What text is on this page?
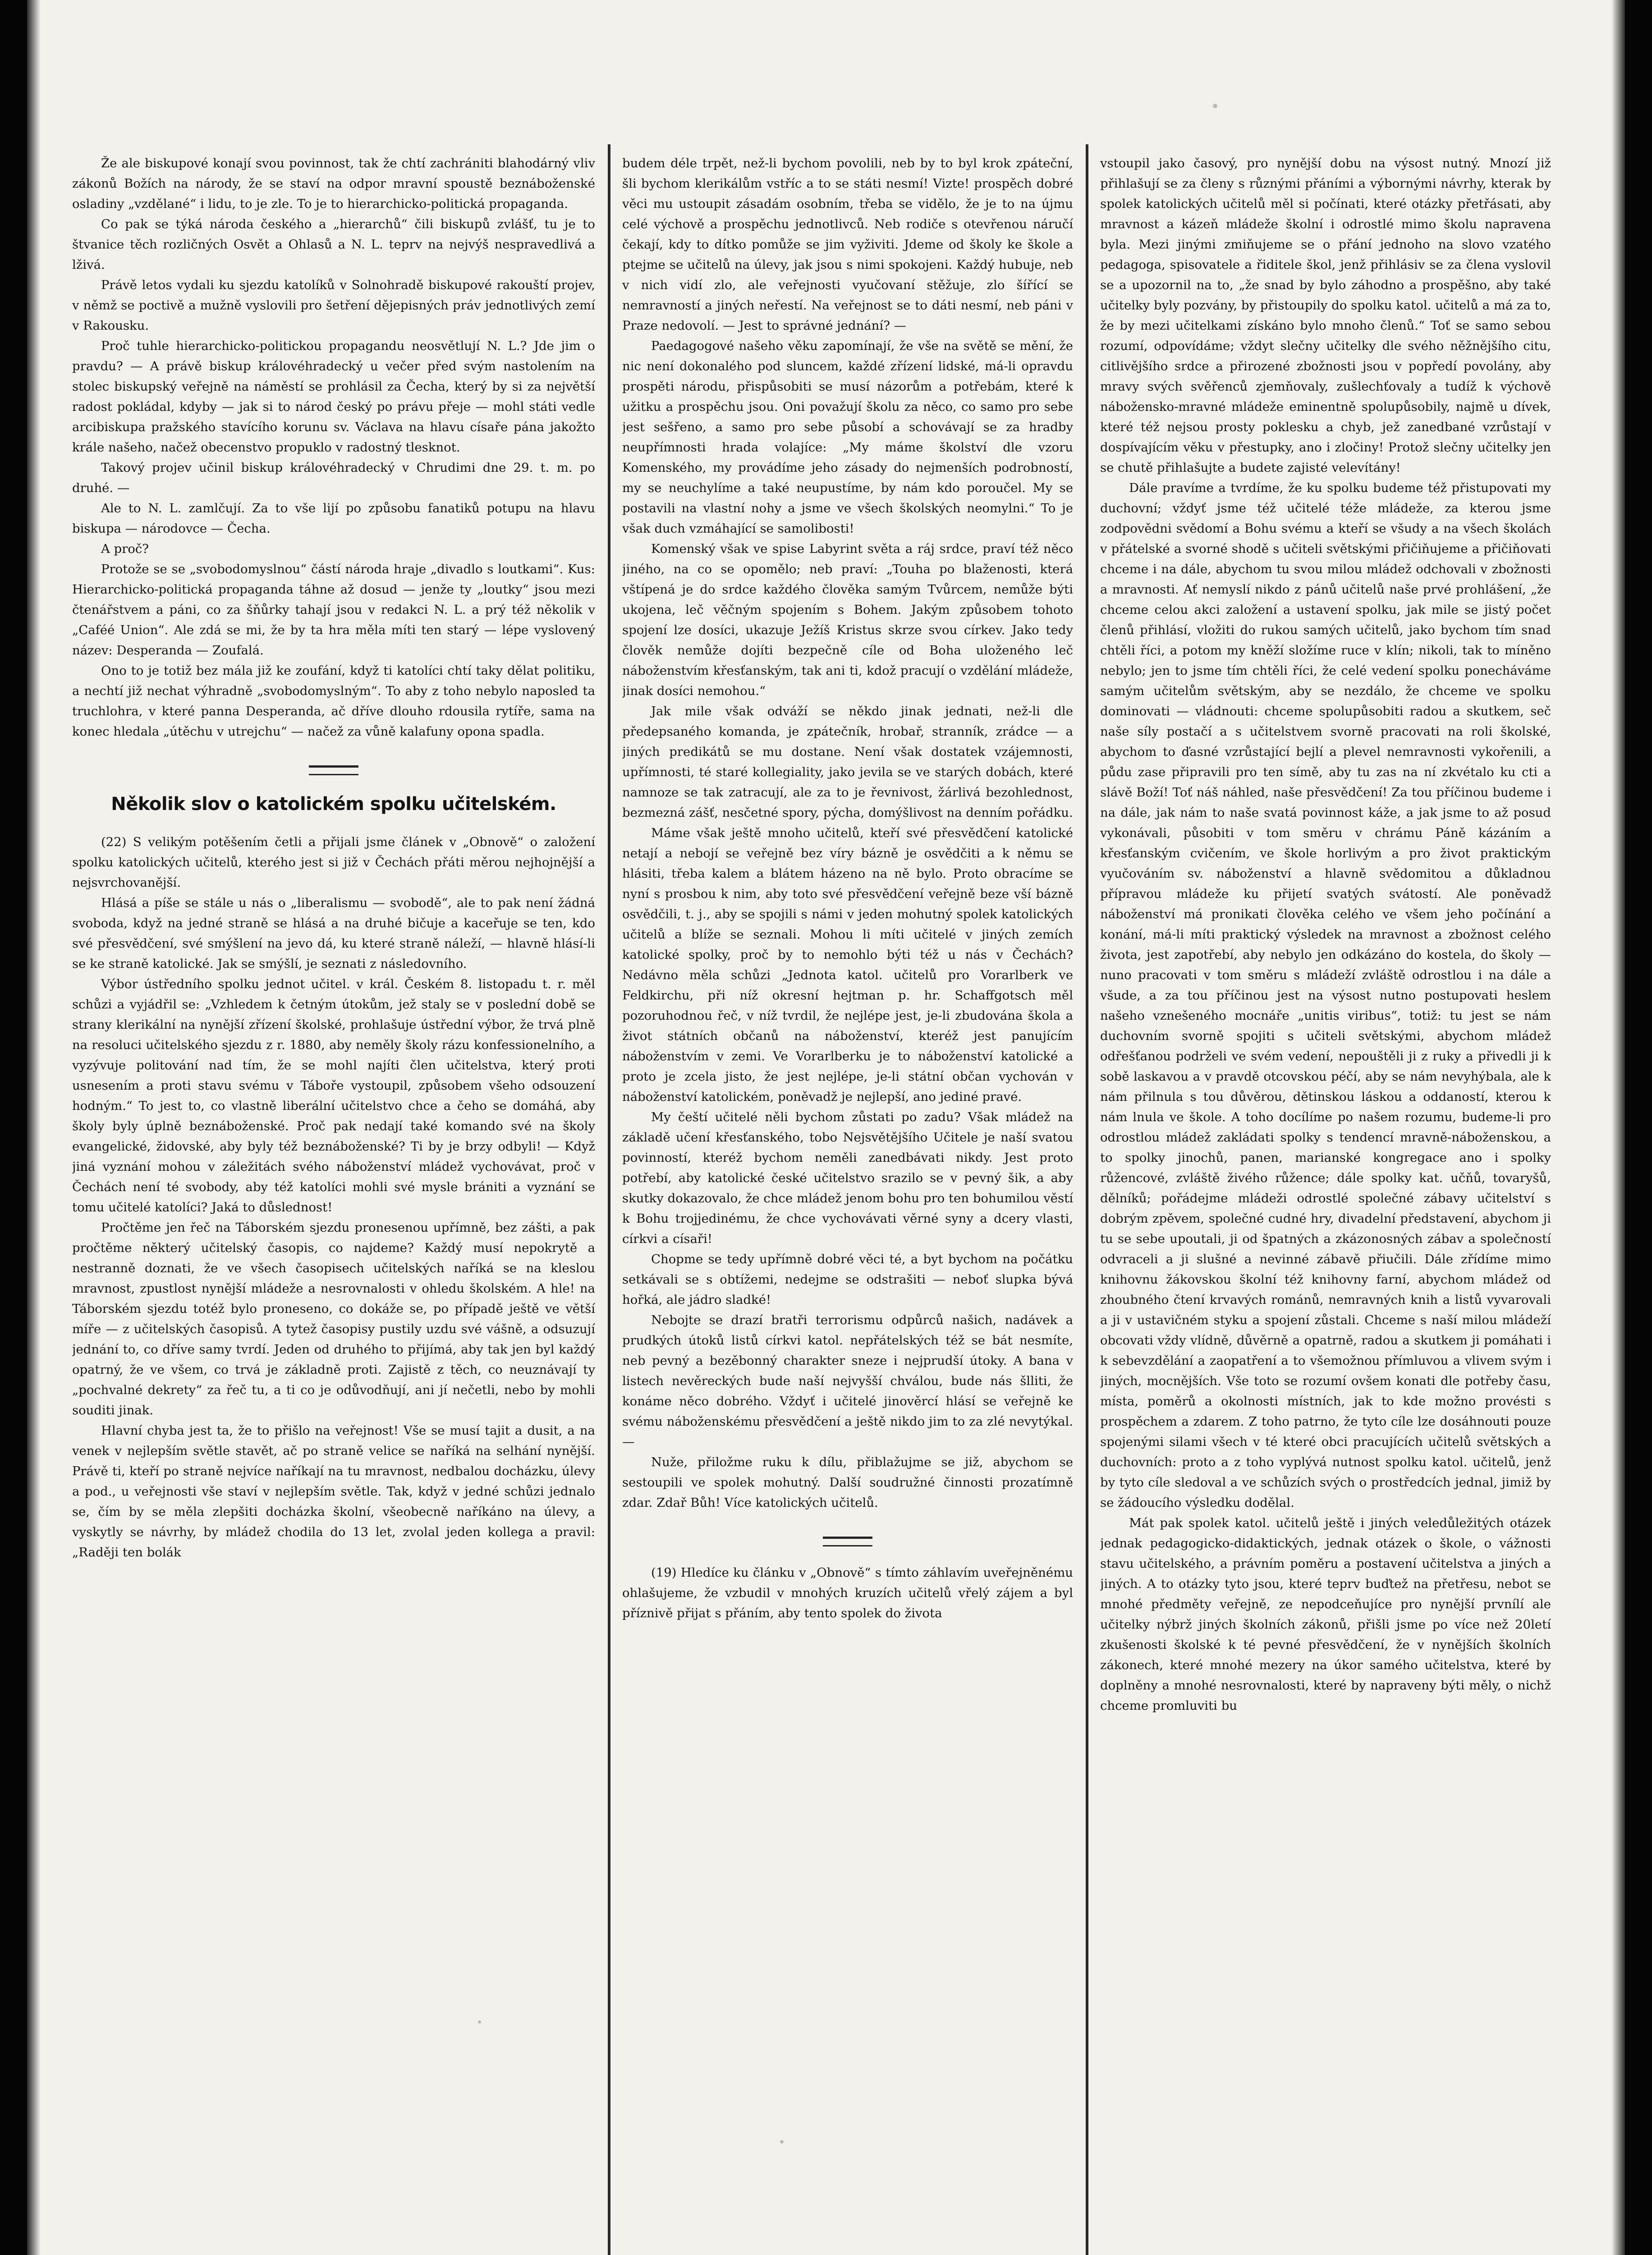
Že ale biskupové konají svou povinnost, tak že chtí zachrániti blahodárný vliv zákonů Božích na národy, že se staví na odpor mravní spoustě beznáboženské osladiny „vzdělané“ i lidu, to je zle. To je to hierarchicko-politická propaganda.

Co pak se týká národa českého a „hierarchů“ čili biskupů zvlášť, tu je to štvanice těch rozličných Osvět a Ohlasů a N. L. teprv na nejvýš nespravedlivá a lživá.

Právě letos vydali ku sjezdu katolíků v Solnohradě biskupové rakouští projev, v němž se poctivě a mužně vyslovili pro šetření dějepisných práv jednotlivých zemí v Rakousku.

Proč tuhle hierarchicko-politickou propagandu neosvětlují N. L.? Jde jim o pravdu? — A právě biskup královéhradecký u večer před svým nastolením na stolec biskupský veřejně na náměstí se prohlásil za Čecha, který by si za největší radost pokládal, kdyby — jak si to národ český po právu přeje — mohl státi vedle arcibiskupa pražského stavícího korunu sv. Václava na hlavu císaře pána jakožto krále našeho, načež obecenstvo propuklo v radostný tlesknot.

Takový projev učinil biskup královéhradecký v Chrudimi dne 29. t. m. po druhé. —

Ale to N. L. zamlčují. Za to vše lijí po způsobu fanatiků potupu na hlavu biskupa — národovce — Čecha.

A proč?

Protože se se „svobodomyslnou“ částí národa hraje „divadlo s loutkami“. Kus: Hierarchicko-politická propaganda táhne až dosud — jenže ty „loutky“ jsou mezi čtenářstvem a páni, co za šňůrky tahají jsou v redakci N. L. a prý též několik v „Caféé Union“. Ale zdá se mi, že by ta hra měla míti ten starý — lépe vyslovený název: Desperanda — Zoufalá.

Ono to je totiž bez mála již ke zoufání, když ti katolíci chtí taky dělat politiku, a nechtí již nechat výhradně „svobodomyslným“. To aby z toho nebylo naposled ta truchlohra, v které panna Desperanda, ač dříve dlouho rdousila rytíře, sama na konec hledala „útěchu v utrejchu“ — načež za vůně kalafuny opona spadla.

Několik slov o katolickém spolku učitelském.

(22) S velikým potěšením četli a přijali jsme článek v „Obnově“ o založení spolku katolických učitelů, kterého jest si již v Čechách přáti měrou nejhojnější a nejsvrchovanější.

Hlásá a píše se stále u nás o „liberalismu — svobodě“, ale to pak není žádná svoboda, když na jedné straně se hlásá a na druhé bičuje a kaceřuje se ten, kdo své přesvědčení, své smýšlení na jevo dá, ku které straně náleží, — hlavně hlásí-li se ke straně katolické. Jak se smýšlí, je seznati z následovního.

Výbor ústředního spolku jednot učitel. v král. Českém 8. listopadu t. r. měl schůzi a vyjádřil se: „Vzhledem k četným útokům, jež staly se v poslední době se strany klerikální na nynější zřízení školské, prohlašuje ústřední výbor, že trvá plně na resoluci učitelského sjezdu z r. 1880, aby neměly školy rázu konfessionelního, a vyzývuje politování nad tím, že se mohl najíti člen učitelstva, který proti usnesením a proti stavu svému v Táboře vystoupil, způsobem všeho odsouzení hodným.“ To jest to, co vlastně liberální učitelstvo chce a čeho se domáhá, aby školy byly úplně beznáboženské. Proč pak nedají také komando své na školy evangelické, židovské, aby byly též beznáboženské? Ti by je brzy odbyli! — Když jiná vyznání mohou v záležitách svého náboženství mládež vychovávat, proč v Čechách není té svobody, aby též katolíci mohli své mysle brániti a vyznání se tomu učitelé katolíci? Jaká to důslednost!

Pročtěme jen řeč na Táborském sjezdu pronesenou upřímně, bez zášti, a pak pročtěme některý učitelský časopis, co najdeme? Každý musí nepokrytě a nestranně doznati, že ve všech časopisech učitelských naříká se na kleslou mravnost, zpustlost nynější mládeže a nesrovnalosti v ohledu školském. A hle! na Táborském sjezdu totéž bylo proneseno, co dokáže se, po případě ještě ve větší míře — z učitelských časopisů. A tytež časopisy pustily uzdu své vášně, a odsuzují jednání to, co dříve samy tvrdí. Jeden od druhého to přijímá, aby tak jen byl každý opatrný, že ve všem, co trvá je základně proti. Zajistě z těch, co neuznávají ty „pochvalné dekrety“ za řeč tu, a ti co je odůvodňují, ani jí nečetli, nebo by mohli souditi jinak.

Hlavní chyba jest ta, že to přišlo na veřejnost! Vše se musí tajit a dusit, a na venek v nejlepším světle stavět, ač po straně velice se naříká na selhání nynější. Právě ti, kteří po straně nejvíce naříkají na tu mravnost, nedbalou docházku, úlevy a pod., u veřejnosti vše staví v nejlepším světle. Tak, když v jedné schůzi jednalo se, čím by se měla zlepšiti docházka školní, všeobecně naříkáno na úlevy, a vyskytly se návrhy, by mládež chodila do 13 let, zvolal jeden kollega a pravil: „Raději ten bolák

budem déle trpět, než-li bychom povolili, neb by to byl krok zpáteční, šli bychom klerikálům vstříc a to se státi nesmí! Vizte! prospěch dobré věci mu ustoupit zásadám osobním, třeba se vidělo, že je to na újmu celé výchově a prospěchu jednotlivců. Neb rodiče s otevřenou náručí čekají, kdy to dítko pomůže se jim vyživiti. Jdeme od školy ke škole a ptejme se učitelů na úlevy, jak jsou s nimi spokojeni. Každý hubuje, neb v nich vidí zlo, ale veřejnosti vyučovaní stěžuje, zlo šířící se nemravností a jiných neřestí. Na veřejnost se to dáti nesmí, neb páni v Praze nedovolí. — Jest to správné jednání? —

Paedagogové našeho věku zapomínají, že vše na světě se mění, že nic není dokonalého pod sluncem, každé zřízení lidské, má-li opravdu prospěti národu, přispůsobiti se musí názorům a potřebám, které k užitku a prospěchu jsou. Oni považují školu za něco, co samo pro sebe jest sešřeno, a samo pro sebe působí a schovávají se za hradby neupřímnosti hrada volajíce: „My máme školství dle vzoru Komenského, my provádíme jeho zásady do nejmenších podrobností, my se neuchylíme a také neupustíme, by nám kdo poroučel. My se postavili na vlastní nohy a jsme ve všech školských neomylni.“ To je však duch vzmáhající se samolibosti!

Komenský však ve spise Labyrint světa a ráj srdce, praví též něco jiného, na co se opomělo; neb praví: „Touha po blaženosti, která vštípená je do srdce každého člověka samým Tvůrcem, nemůže býti ukojena, leč věčným spojením s Bohem. Jakým způsobem tohoto spojení lze dosíci, ukazuje Ježíš Kristus skrze svou církev. Jako tedy člověk nemůže dojíti bezpečně cíle od Boha uloženého leč náboženstvím křesťanským, tak ani ti, kdož pracují o vzdělání mládeže, jinak dosíci nemohou.“

Jak mile však odváží se někdo jinak jednati, než-li dle předepsaného komanda, je zpátečník, hrobař, stranník, zrádce — a jiných predikátů se mu dostane. Není však dostatek vzájemnosti, upřímnosti, té staré kollegiality, jako jevila se ve starých dobách, které namnoze se tak zatracují, ale za to je řevnivost, žárlivá bezohlednost, bezmezná zášť, nesčetné spory, pýcha, domýšlivost na denním pořádku.

Máme však ještě mnoho učitelů, kteří své přesvědčení katolické netají a nebojí se veřejně bez víry bázně je osvědčiti a k němu se hlásiti, třeba kalem a blátem házeno na ně bylo. Proto obracíme se nyní s prosbou k nim, aby toto své přesvědčení veřejně beze vší bázně osvědčili, t. j., aby se spojili s námi v jeden mohutný spolek katolických učitelů a blíže se seznali. Mohou li míti učitelé v jiných zemích katolické spolky, proč by to nemohlo býti též u nás v Čechách? Nedávno měla schůzi „Jednota katol. učitelů pro Vorarlberk ve Feldkirchu, při níž okresní hejtman p. hr. Schaffgotsch měl pozoruhodnou řeč, v níž tvrdil, že nejlépe jest, je-li zbudována škola a život státních občanů na náboženství, kteréž jest panujícím náboženstvím v zemi. Ve Vorarlberku je to náboženství katolické a proto je zcela jisto, že jest nejlépe, je-li státní občan vychován v náboženství katolickém, poněvadž je nejlepší, ano jediné pravé.

My čeští učitelé něli bychom zůstati po zadu? Však mládež na základě učení křesťanského, tobo Nejsvětějšího Učitele je naší svatou povinností, kteréž bychom neměli zanedbávati nikdy. Jest proto potřebí, aby katolické české učitelstvo srazilo se v pevný šik, a aby skutky dokazovalo, že chce mládež jenom bohu pro ten bohumilou věstí k Bohu trojjedinému, že chce vychovávati věrné syny a dcery vlasti, církvi a císaři!

Chopme se tedy upřímně dobré věci té, a byt bychom na počátku setkávali se s obtížemi, nedejme se odstrašiti — neboť slupka bývá hořká, ale jádro sladké!

Nebojte se drazí bratři terrorismu odpůrců našich, nadávek a prudkých útoků listů církvi katol. nepřátelských též se bát nesmíte, neb pevný a bezěbonný charakter sneze i nejprudší útoky. A bana v listech nevěreckých bude naší nejvyšší chválou, bude nás šlliti, že konáme něco dobrého. Vždyť i učitelé jinověrcí hlásí se veřejně ke svému náboženskému přesvědčení a ještě nikdo jim to za zlé nevytýkal. —

Nuže, přiložme ruku k dílu, přiblažujme se již, abychom se sestoupili ve spolek mohutný. Další soudružné činnosti prozatímně zdar. Zdař Bůh! Více katolických učitelů.

(19) Hledíce ku článku v „Obnově“ s tímto záhlavím uveřejněnému ohlašujeme, že vzbudil v mnohých kruzích učitelů vřelý zájem a byl příznivě přijat s přáním, aby tento spolek do života

vstoupil jako časový, pro nynější dobu na výsost nutný. Mnozí již přihlašují se za členy s různými přáními a výbornými návrhy, kterak by spolek katolických učitelů měl si počínati, které otázky přetřásati, aby mravnost a kázeň mládeže školní i odrostlé mimo školu napravena byla. Mezi jinými zmiňujeme se o přání jednoho na slovo vzatého pedagoga, spisovatele a řiditele škol, jenž přihlásiv se za člena vyslovil se a upozornil na to, „že snad by bylo záhodno a prospěšno, aby také učitelky byly pozvány, by přistoupily do spolku katol. učitelů a má za to, že by mezi učitelkami získáno bylo mnoho členů.“ Toť se samo sebou rozumí, odpovídáme; vždyt slečny učitelky dle svého něžnějšího citu, citlivějšího srdce a přirozené zbožnosti jsou v popředí povolány, aby mravy svých svěřenců zjemňovaly, zušlechťovaly a tudíž k výchově nábožensko-mravné mládeže eminentně spolupůsobily, najmě u dívek, které též nejsou prosty poklesku a chyb, jež zanedbané vzrůstají v dospívajícím věku v přestupky, ano i zločiny! Protož slečny učitelky jen se chutě přihlašujte a budete zajisté velevítány!

Dále pravíme a tvrdíme, že ku spolku budeme též přistupovati my duchovní; vždyť jsme též učitelé téže mládeže, za kterou jsme zodpovědni svědomí a Bohu svému a kteří se všudy a na všech školách v přátelské a svorné shodě s učiteli světskými přičiňujeme a přičiňovati chceme i na dále, abychom tu svou milou mládež odchovali v zbožnosti a mravnosti. Ať nemyslí nikdo z pánů učitelů naše prvé prohlášení, „že chceme celou akci založení a ustavení spolku, jak mile se jistý počet členů přihlásí, vložiti do rukou samých učitelů, jako bychom tím snad chtěli říci, a potom my kněží složíme ruce v klín; nikoli, tak to míněno nebylo; jen to jsme tím chtěli říci, že celé vedení spolku ponecháváme samým učitelům světským, aby se nezdálo, že chceme ve spolku dominovati — vládnouti: chceme spolupůsobiti radou a skutkem, seč naše síly postačí a s učitelstvem svorně pracovati na roli školské, abychom to ďasné vzrůstající bejlí a plevel nemravnosti vykořenili, a půdu zase připravili pro ten símě, aby tu zas na ní zkvétalo ku cti a slávě Boží! Toť náš náhled, naše přesvědčení! Za tou příčinou budeme i na dále, jak nám to naše svatá povinnost káže, a jak jsme to až posud vykonávali, působiti v tom směru v chrámu Páně kázáním a křesťanským cvičením, ve škole horlivým a pro život praktickým vyučováním sv. náboženství a hlavně svědomitou a důkladnou přípravou mládeže ku přijetí svatých svátostí. Ale poněvadž náboženství má pronikati člověka celého ve všem jeho počínání a konání, má-li míti praktický výsledek na mravnost a zbožnost celého života, jest zapotřebí, aby nebylo jen odkázáno do kostela, do školy — nuno pracovati v tom směru s mládeží zvláště odrostlou i na dále a všude, a za tou příčinou jest na výsost nutno postupovati heslem našeho vznešeného mocnáře „unitis viribus“, totiž: tu jest se nám duchovním svorně spojiti s učiteli světskými, abychom mládež odřešťanou podrželi ve svém vedení, nepouštěli ji z ruky a přivedli ji k sobě laskavou a v pravdě otcovskou péčí, aby se nám nevyhýbala, ale k nám přilnula s tou důvěrou, dětinskou láskou a oddaností, kterou k nám lnula ve škole. A toho docílíme po našem rozumu, budeme-li pro odrostlou mládež zakládati spolky s tendencí mravně-náboženskou, a to spolky jinochů, panen, marianské kongregace ano i spolky růžencové, zvláště živého růžence; dále spolky kat. učňů, tovaryšů, dělníků; pořádejme mládeži odrostlé společné zábavy učitelství s dobrým zpěvem, společné cudné hry, divadelní představení, abychom ji tu se sebe upoutali, ji od špatných a zkázonosných zábav a společností odvraceli a ji slušné a nevinné zábavě přiučili. Dále zřídíme mimo knihovnu žákovskou školní též knihovny farní, abychom mládež od zhoubného čtení krvavých románů, nemravných knih a listů vyvarovali a ji v ustavičném styku a spojení zůstali. Chceme s naší milou mládeží obcovati vždy vlídně, důvěrně a opatrně, radou a skutkem ji pomáhati i k sebevzdělání a zaopatření a to všemožnou přímluvou a vlivem svým i jiných, mocnějších. Vše toto se rozumí ovšem konati dle potřeby času, místa, poměrů a okolnosti místních, jak to kde možno provésti s prospěchem a zdarem. Z toho patrno, že tyto cíle lze dosáhnouti pouze spojenými silami všech v té které obci pracujících učitelů světských a duchovních: proto a z toho vyplývá nutnost spolku katol. učitelů, jenž by tyto cíle sledoval a ve schůzích svých o prostředcích jednal, jimiž by se žádoucího výsledku dodělal.

Mát pak spolek katol. učitelů ještě i jiných veledůležitých otázek jednak pedagogicko-didaktických, jednak otázek o škole, o vážnosti stavu učitelského, a právním poměru a postavení učitelstva a jiných a jiných. A to otázky tyto jsou, které teprv buďtež na přetřesu, nebot se mnohé předměty veřejně, ze nepodceňujíce pro nynější prvnílí ale učitelky nýbrž jiných školních zákonů, přišli jsme po více než 20letí zkušenosti školské k té pevné přesvědčení, že v nynějších školních zákonech, které mnohé mezery na úkor samého učitelstva, které by doplněny a mnohé nesrovnalosti, které by napraveny býti měly, o nichž chceme promluviti bu
